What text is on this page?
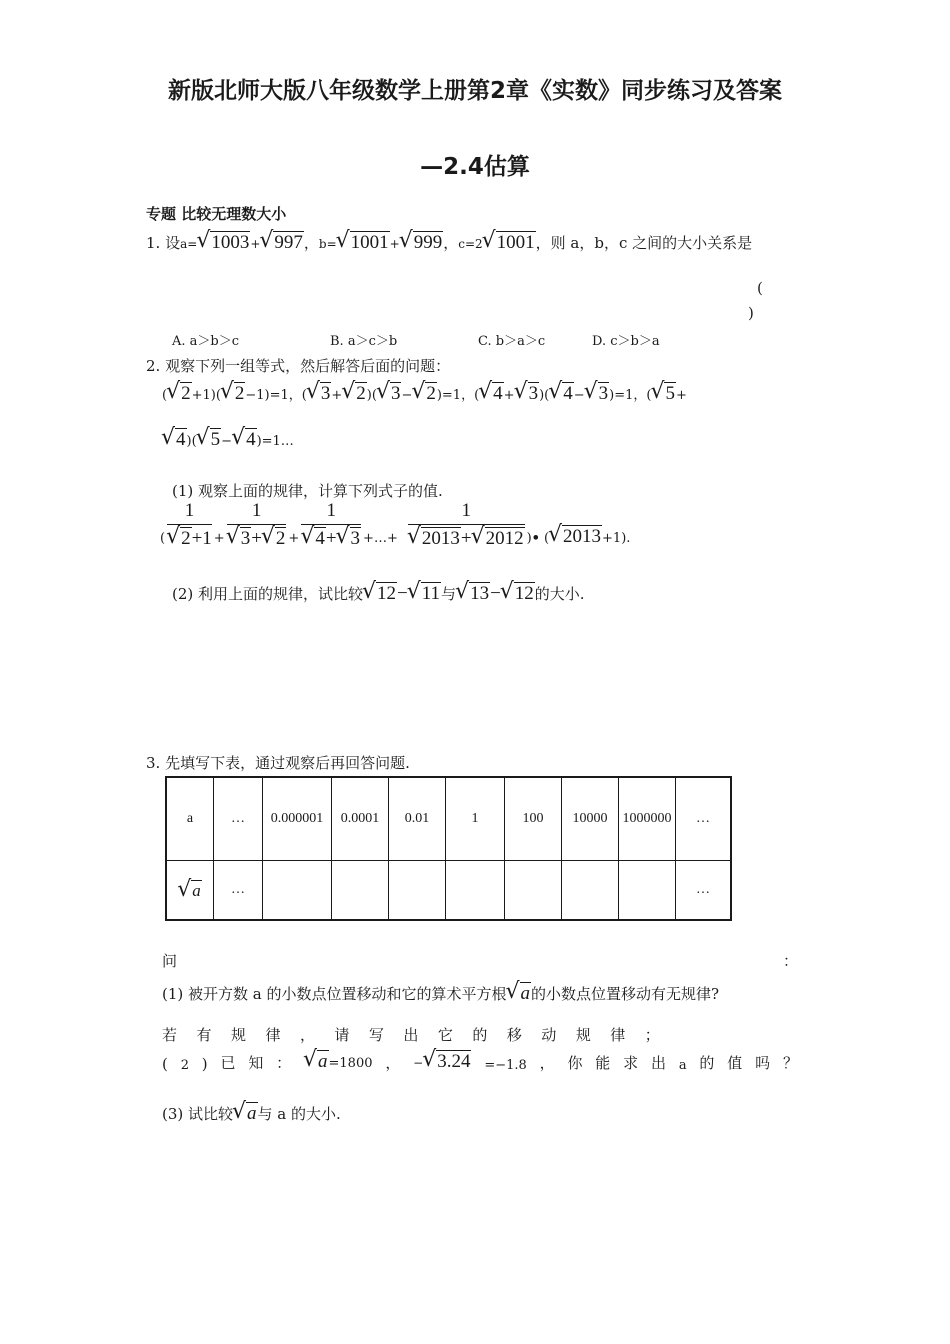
新版北师大版八年级数学上册第2章《实数》同步练习及答案
—2.4估算
专题 比较无理数大小
1. 设a= √ 1003+ √ 997，b= √ 1001+ √ 999，c=2 √ 1001，则 a，b，c 之间的大小关系是
(
)
A. a＞b＞c	B. a＞c＞b	C. b＞a＞c	D. c＞b＞a
2. 观察下列一组等式，然后解答后面的问题：
( √ 2+1)( √ 2−1)=1，( √ 3+ √ 2)( √ 3− √ 2)=1，( √ 4+ √ 3)( √ 4− √ 3)=1，( √ 5+
√ 4)( √ 5− √ 4)=1…
(1) 观察上面的规律，计算下列式子的值.
( 1
√ 2+1 + 1
√ 3+ √ 2 + 1
√ 4+ √ 3 +…+ 1
√ 2013+ √ 2012 ) • ( √ 2013 +1).
(2) 利用上面的规律，试比较 √ 12− √ 11与 √ 13− √ 12的大小.
3. 先填写下表，通过观察后再回答问题.
a	…	0.000001	0.0001	0.01	1	100	10000	1000000	…
√ a	…								…
问	：
(1) 被开方数 a 的小数点位置移动和它的算术平方根 √ a的小数点位置移动有无规律?
若 有 规 律 ， 请 写 出 它 的 移 动 规 律 ；
( 2 ) 已 知 ：	√ a=1800 ， − √ 3.24 =−1.8 ， 你 能 求 出 a 的 值 吗 ？
(3) 试比较 √ a与 a 的大小.
